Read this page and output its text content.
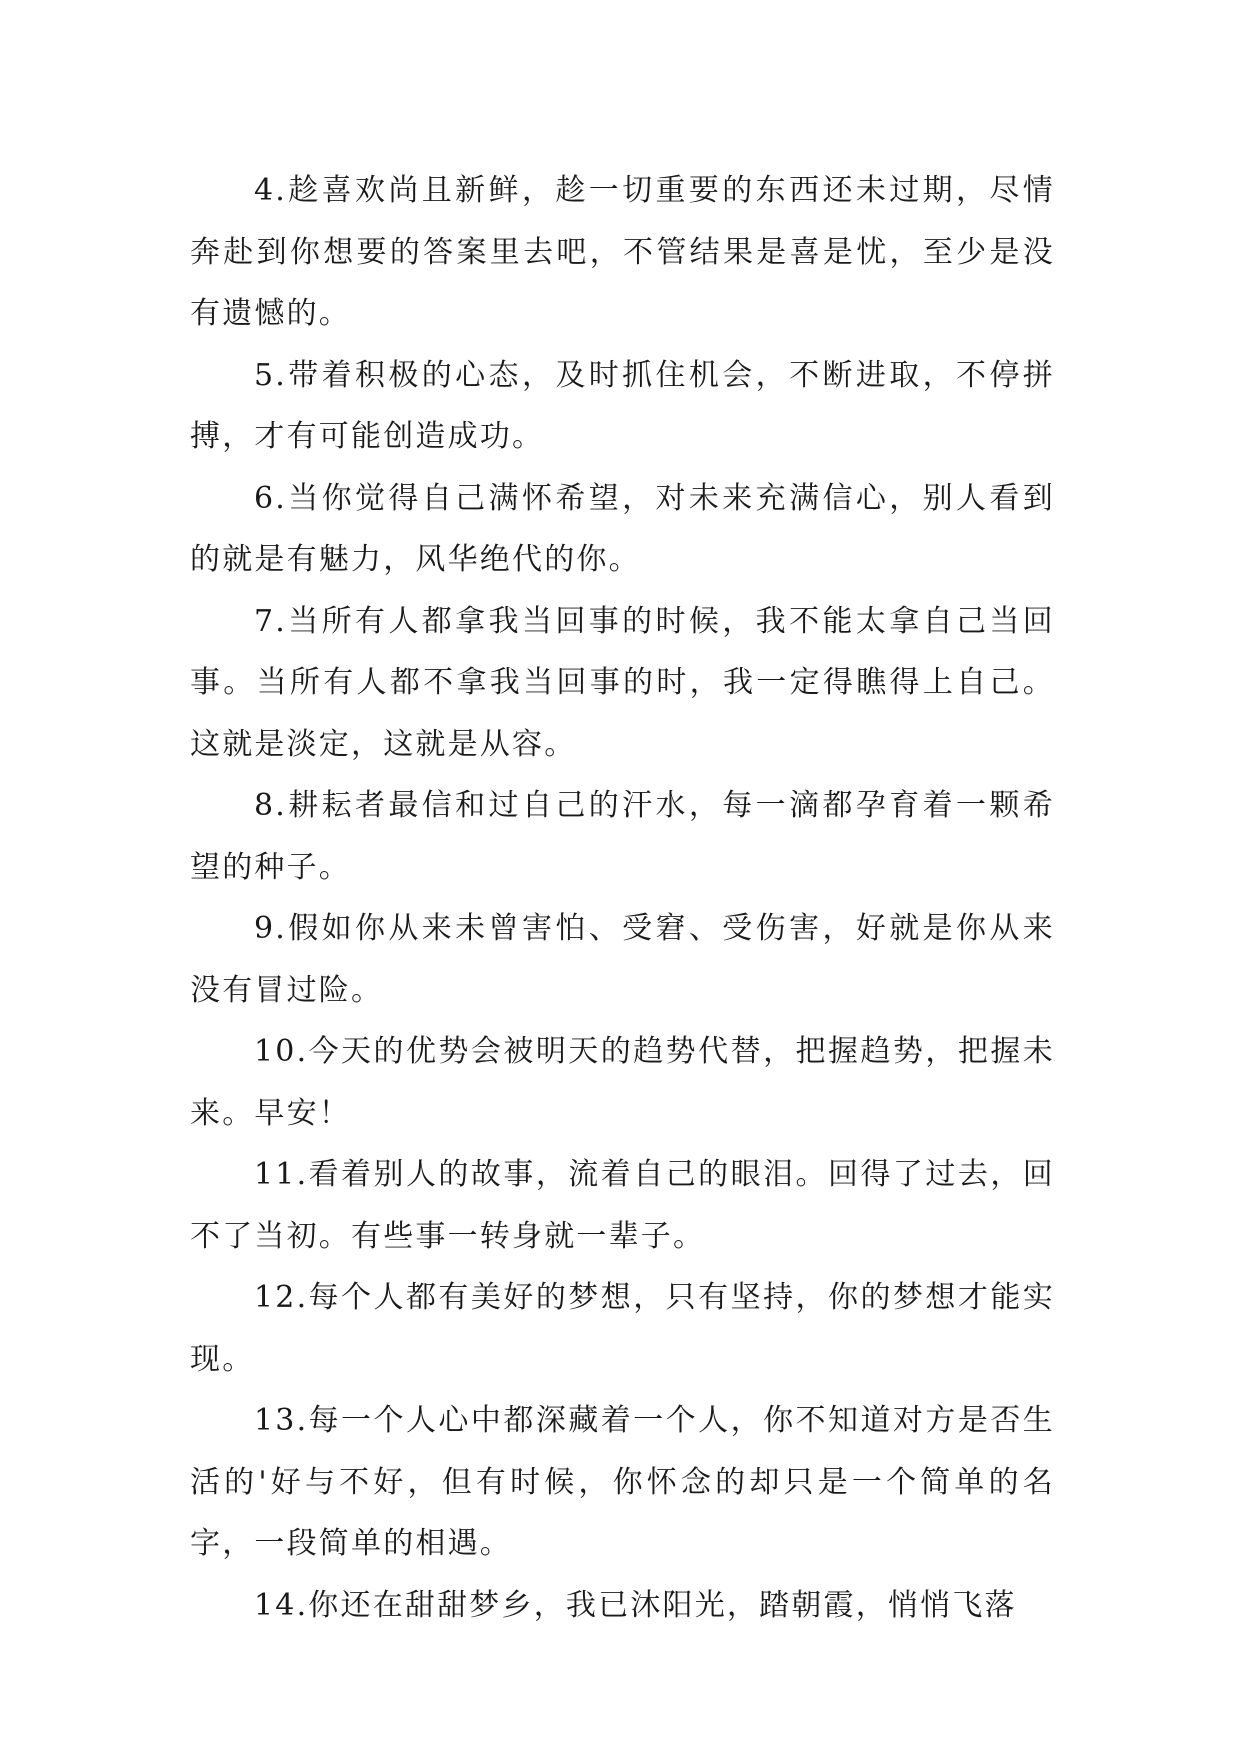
4.趁喜欢尚且新鲜，趁一切重要的东西还未过期，尽情奔赴到你想要的答案里去吧，不管结果是喜是忧，至少是没有遗憾的。

5.带着积极的心态，及时抓住机会，不断进取，不停拼搏，才有可能创造成功。

6.当你觉得自己满怀希望，对未来充满信心，别人看到的就是有魅力，风华绝代的你。

7.当所有人都拿我当回事的时候，我不能太拿自己当回事。当所有人都不拿我当回事的时，我一定得瞧得上自己。这就是淡定，这就是从容。

8.耕耘者最信和过自己的汗水，每一滴都孕育着一颗希望的种子。

9.假如你从来未曾害怕、受窘、受伤害，好就是你从来没有冒过险。

10.今天的优势会被明天的趋势代替，把握趋势，把握未来。早安！

11.看着别人的故事，流着自己的眼泪。回得了过去，回不了当初。有些事一转身就一辈子。

12.每个人都有美好的梦想，只有坚持，你的梦想才能实现。

13.每一个人心中都深藏着一个人，你不知道对方是否生活的'好与不好，但有时候，你怀念的却只是一个简单的名字，一段简单的相遇。

14.你还在甜甜梦乡，我已沐阳光，踏朝霞，悄悄飞落
